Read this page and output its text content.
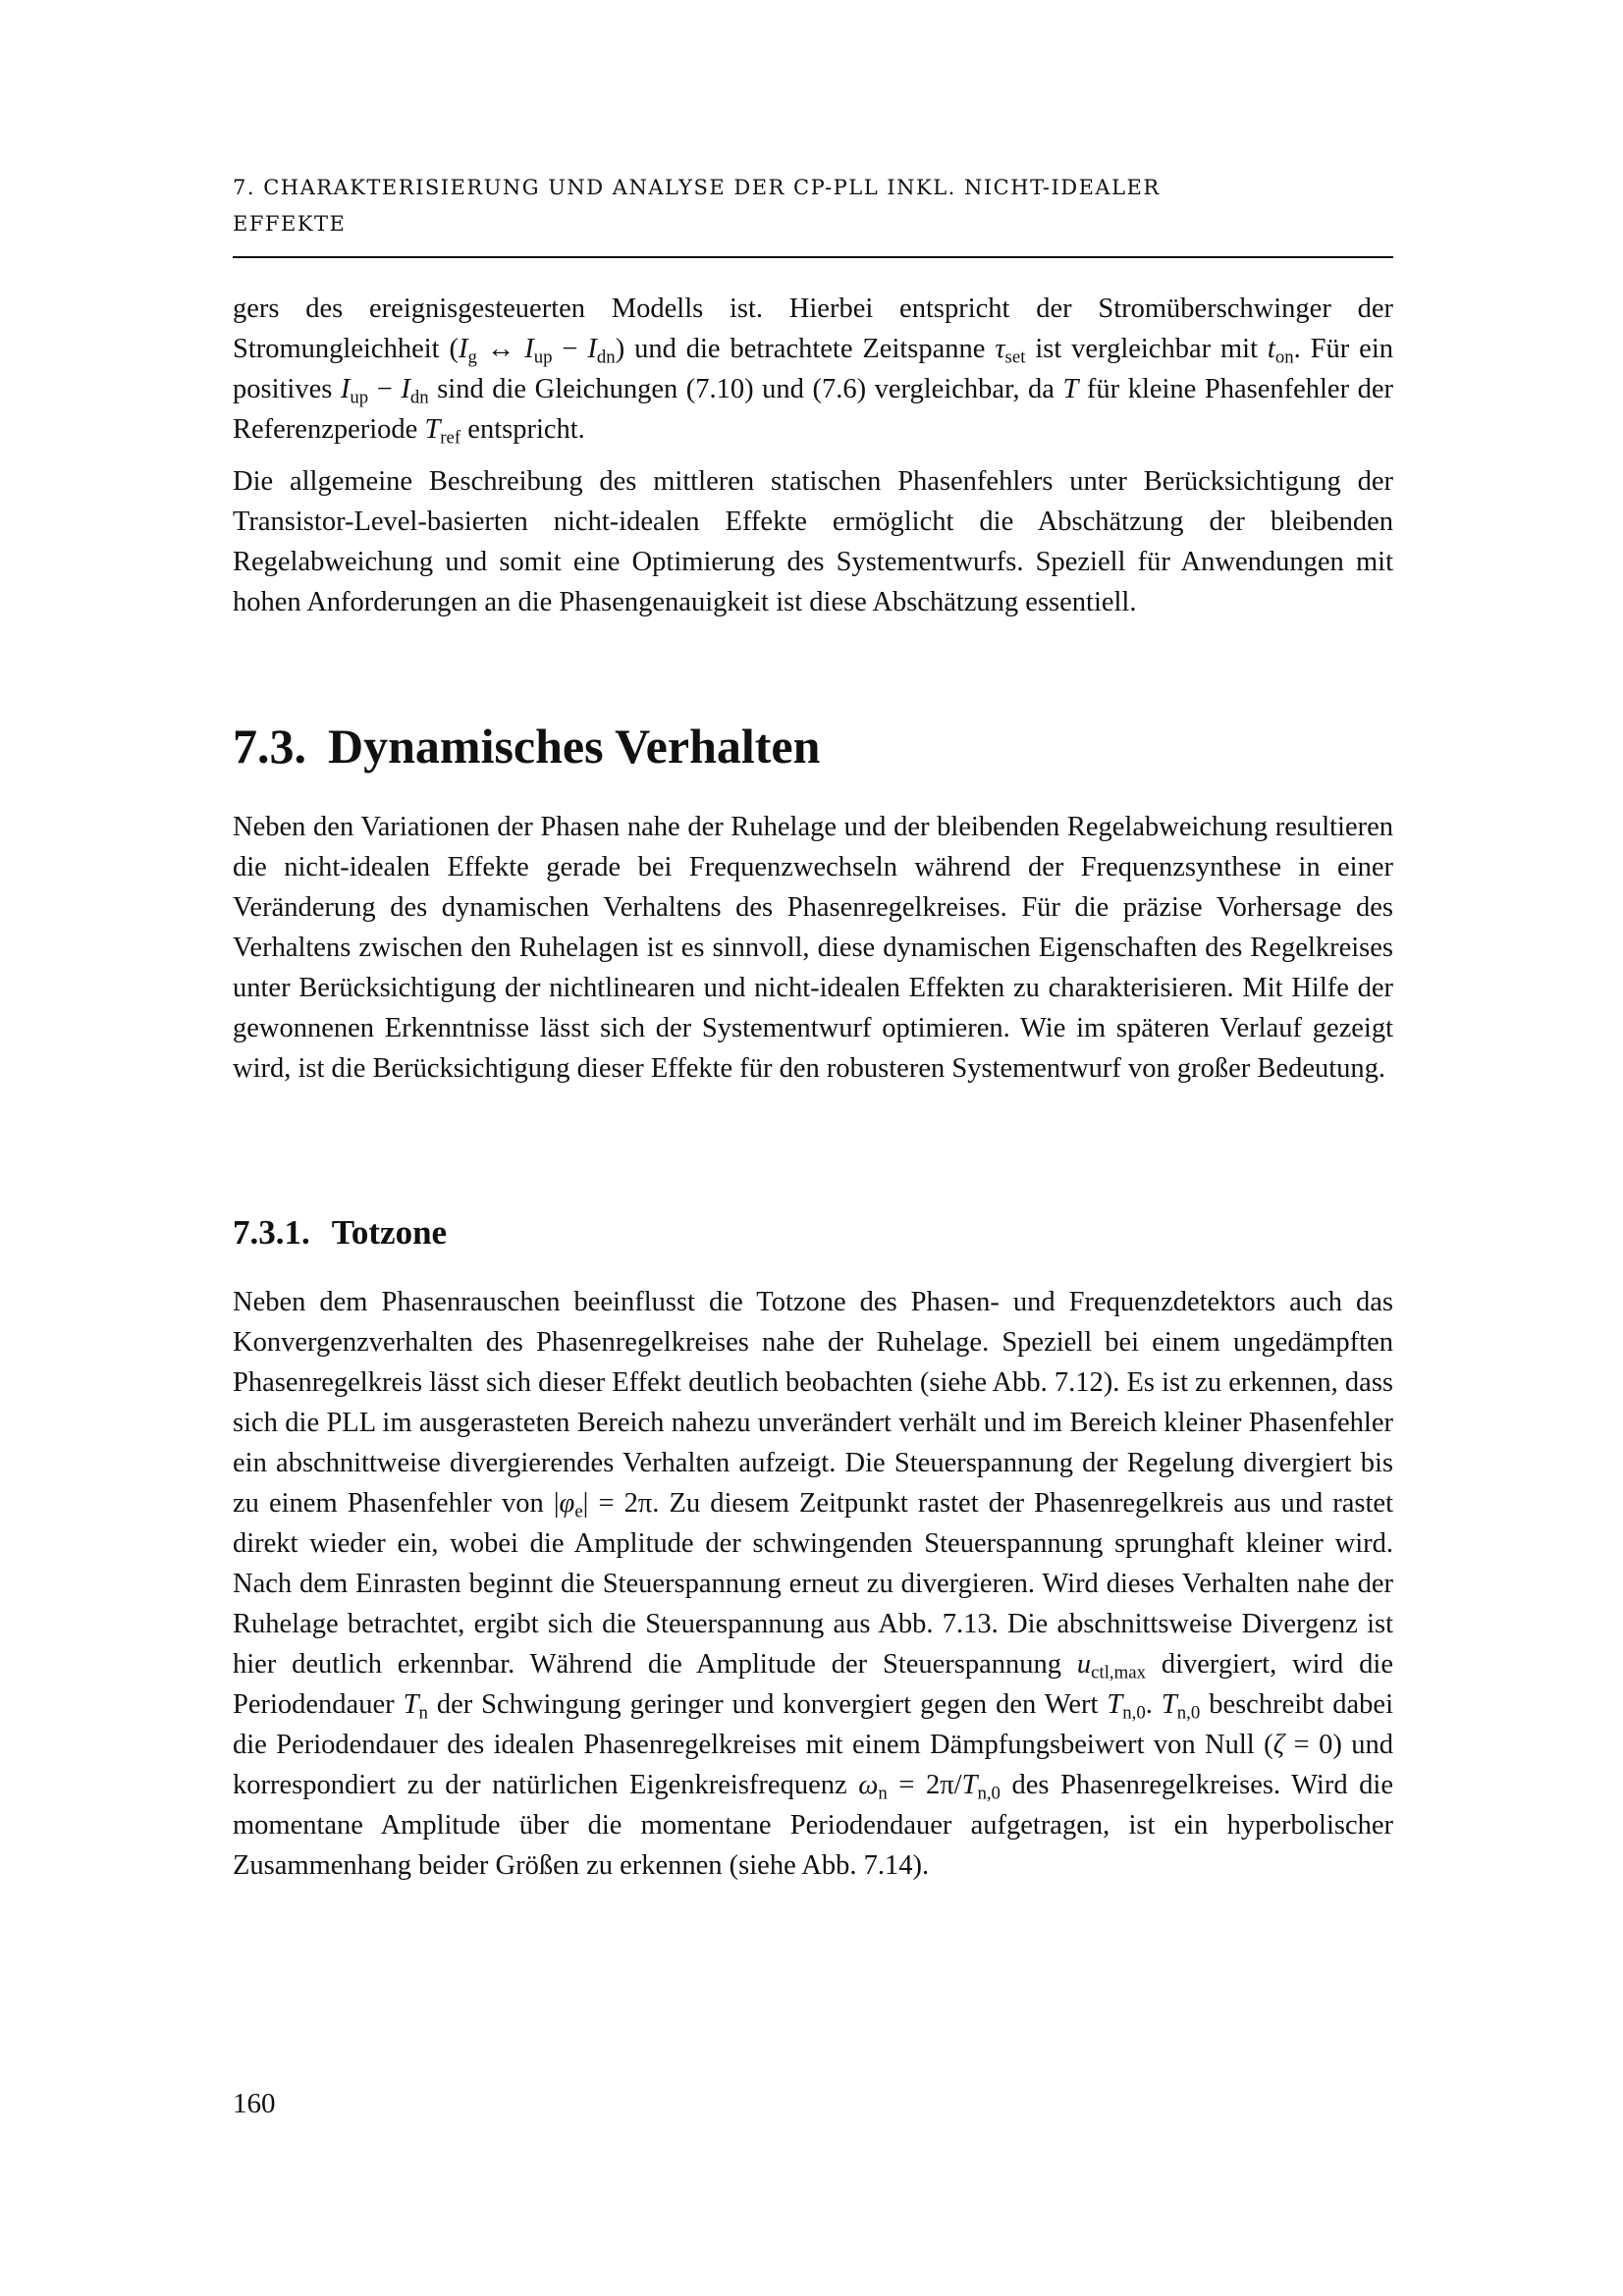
7. CHARAKTERISIERUNG UND ANALYSE DER CP-PLL INKL. NICHT-IDEALER
EFFEKTE

gers des ereignisgesteuerten Modells ist. Hierbei entspricht der Stromüberschwinger der Stromungleichheit ($I_g$ ↔ $I_{up} - I_{dn}$) und die betrachtete Zeitspanne $\tau_{set}$ ist vergleichbar mit $t_{on}$. Für ein positives $I_{up} - I_{dn}$ sind die Gleichungen (7.10) und (7.6) vergleichbar, da T für kleine Phasenfehler der Referenzperiode $T_{ref}$ entspricht.

Die allgemeine Beschreibung des mittleren statischen Phasenfehlers unter Berücksichtigung der Transistor-Level-basierten nicht-idealen Effekte ermöglicht die Abschätzung der bleibenden Regelabweichung und somit eine Optimierung des Systementwurfs. Speziell für Anwendungen mit hohen Anforderungen an die Phasengenauigkeit ist diese Abschätzung essentiell.

7.3. Dynamisches Verhalten

Neben den Variationen der Phasen nahe der Ruhelage und der bleibenden Regelabweichung resultieren die nicht-idealen Effekte gerade bei Frequenzwechseln während der Frequenzsynthese in einer Veränderung des dynamischen Verhaltens des Phasenregelkreises. Für die präzise Vorhersage des Verhaltens zwischen den Ruhelagen ist es sinnvoll, diese dynamischen Eigenschaften des Regelkreises unter Berücksichtigung der nichtlinearen und nicht-idealen Effekten zu charakterisieren. Mit Hilfe der gewonnenen Erkenntnisse lässt sich der Systementwurf optimieren. Wie im späteren Verlauf gezeigt wird, ist die Berücksichtigung dieser Effekte für den robusteren Systementwurf von großer Bedeutung.

7.3.1. Totzone

Neben dem Phasenrauschen beeinflusst die Totzone des Phasen- und Frequenzdetektors auch das Konvergenzverhalten des Phasenregelkreises nahe der Ruhelage. Speziell bei einem ungedämpften Phasenregelkreis lässt sich dieser Effekt deutlich beobachten (siehe Abb. 7.12). Es ist zu erkennen, dass sich die PLL im ausgerasteten Bereich nahezu unverändert verhält und im Bereich kleiner Phasenfehler ein abschnittweise divergierendes Verhalten aufzeigt. Die Steuerspannung der Regelung divergiert bis zu einem Phasenfehler von $|\varphi_e| = 2\pi$. Zu diesem Zeitpunkt rastet der Phasenregelkreis aus und rastet direkt wieder ein, wobei die Amplitude der schwingenden Steuerspannung sprunghaft kleiner wird. Nach dem Einrasten beginnt die Steuerspannung erneut zu divergieren. Wird dieses Verhalten nahe der Ruhelage betrachtet, ergibt sich die Steuerspannung aus Abb. 7.13. Die abschnittsweise Divergenz ist hier deutlich erkennbar. Während die Amplitude der Steuerspannung $u_{ctl,max}$ divergiert, wird die Periodendauer $T_n$ der Schwingung geringer und konvergiert gegen den Wert $T_{n,0}$. $T_{n,0}$ beschreibt dabei die Periodendauer des idealen Phasenregelkreises mit einem Dämpfungsbeiwert von Null (ζ = 0) und korrespondiert zu der natürlichen Eigenkreisfrequenz $\omega_n = 2\pi/T_{n,0}$ des Phasenregelkreises. Wird die momentane Amplitude über die momentane Periodendauer aufgetragen, ist ein hyperbolischer Zusammenhang beider Größen zu erkennen (siehe Abb. 7.14).

160
